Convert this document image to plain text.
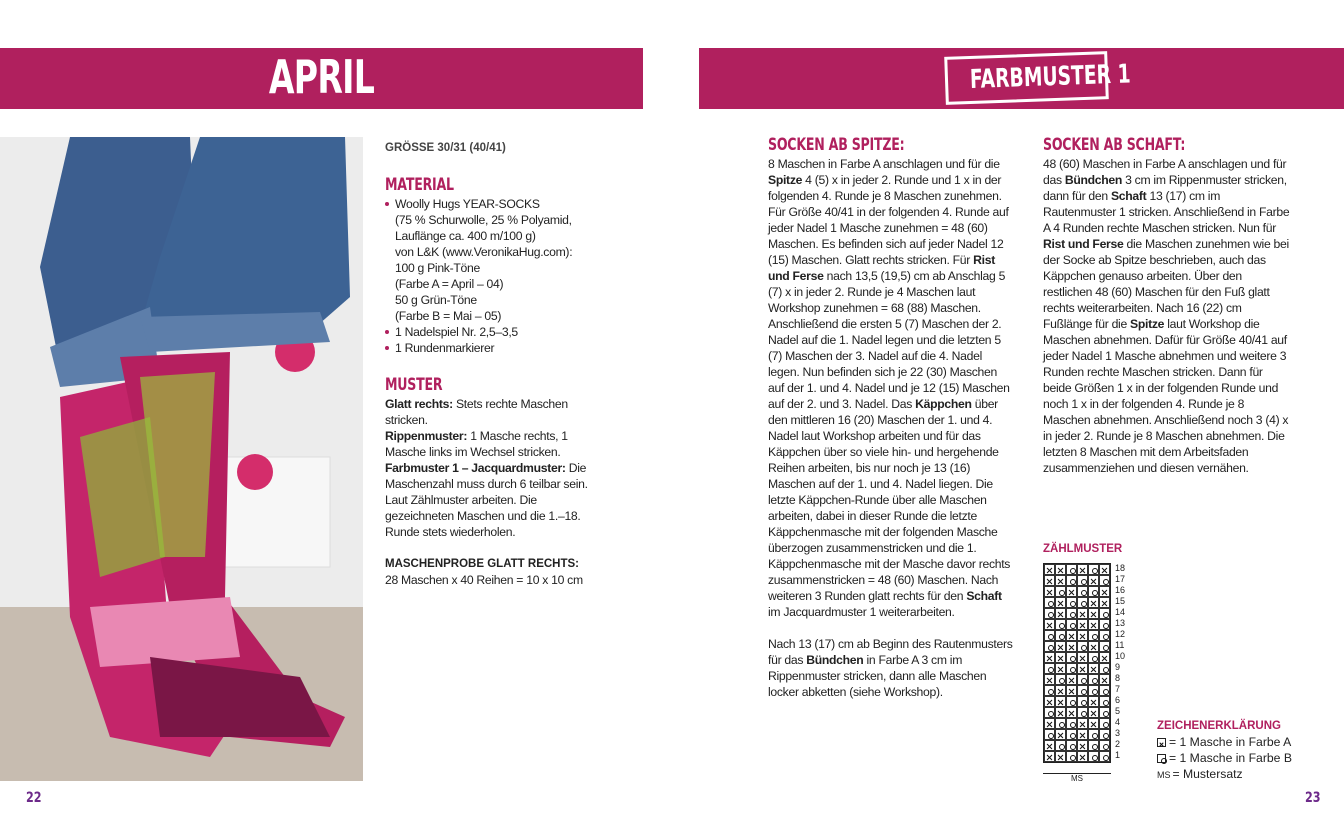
APRIL	FARBMUSTER 1

GRÖSSE 30/31 (40/41)

MATERIAL
Woolly Hugs YEAR-SOCKS
(75 % Schurwolle, 25 % Polyamid,
Lauflänge ca. 400 m/100 g)
von L&K (www.VeronikaHug.com):
100 g Pink-Töne
(Farbe A = April – 04)
50 g Grün-Töne
(Farbe B = Mai – 05)
1 Nadelspiel Nr. 2,5–3,5
1 Rundenmarkierer
MUSTER

Glatt rechts: Stets rechte Maschen stricken.

Rippenmuster: 1 Masche rechts, 1 Masche links im Wechsel stricken.

Farbmuster 1 – Jacquardmuster: Die Maschenzahl muss durch 6 teilbar sein. Laut Zählmuster arbeiten. Die gezeichneten Maschen und die 1.–18. Runde stets wiederholen.

MASCHENPROBE GLATT RECHTS:

28 Maschen x 40 Reihen = 10 x 10 cm

22
SOCKEN AB SPITZE:

8 Maschen in Farbe A anschlagen und für die Spitze 4 (5) x in jeder 2. Runde und 1 x in der folgenden 4. Runde je 8 Maschen zunehmen. Für Größe 40/41 in der folgenden 4. Runde auf jeder Nadel 1 Masche zunehmen = 48 (60) Maschen. Es befinden sich auf jeder Nadel 12 (15) Maschen. Glatt rechts stricken. Für Rist und Ferse nach 13,5 (19,5) cm ab Anschlag 5 (7) x in jeder 2. Runde je 4 Maschen laut Workshop zunehmen = 68 (88) Maschen. Anschließend die ersten 5 (7) Maschen der 2. Nadel auf die 1. Nadel legen und die letzten 5 (7) Maschen der 3. Nadel auf die 4. Nadel legen. Nun befinden sich je 22 (30) Maschen auf der 1. und 4. Nadel und je 12 (15) Maschen auf der 2. und 3. Nadel. Das Käppchen über den mittleren 16 (20) Maschen der 1. und 4. Nadel laut Workshop arbeiten und für das Käppchen über so viele hin- und hergehende Reihen arbeiten, bis nur noch je 13 (16) Maschen auf der 1. und 4. Nadel liegen. Die letzte Käppchen-Runde über alle Maschen arbeiten, dabei in dieser Runde die letzte Käppchenmasche mit der folgenden Masche überzogen zusammenstricken und die 1. Käppchenmasche mit der Masche davor rechts zusammenstricken = 48 (60) Maschen. Nach weiteren 3 Runden glatt rechts für den Schaft im Jacquardmuster 1 weiterarbeiten.

Nach 13 (17) cm ab Beginn des Rautenmusters für das Bündchen in Farbe A 3 cm im Rippenmuster stricken, dann alle Maschen locker abketten (siehe Workshop).

SOCKEN AB SCHAFT:

48 (60) Maschen in Farbe A anschlagen und für das Bündchen 3 cm im Rippenmuster stricken, dann für den Schaft 13 (17) cm im Rautenmuster 1 stricken. Anschließend in Farbe A 4 Runden rechte Maschen stricken. Nun für Rist und Ferse die Maschen zunehmen wie bei der Socke ab Spitze beschrieben, auch das Käppchen genauso arbeiten. Über den restlichen 48 (60) Maschen für den Fuß glatt rechts weiterarbeiten. Nach 16 (22) cm Fußlänge für die Spitze laut Workshop die Maschen abnehmen. Dafür für Größe 40/41 auf jeder Nadel 1 Masche abnehmen und weitere 3 Runden rechte Maschen stricken. Dann für beide Größen 1 x in der folgenden Runde und noch 1 x in der folgenden 4. Runde je 8 Maschen abnehmen. Anschließend noch 3 (4) x in jeder 2. Runde je 8 Maschen abnehmen. Die letzten 8 Maschen mit dem Arbeitsfaden zusammenziehen und diesen vernähen.

ZÄHLMUSTER
18
17
16
15
14
13
12
11
10
9
8
7
6
5
4
3
2
1
MS
ZEICHENERKLÄRUNG
= 1 Masche in Farbe A
= 1 Masche in Farbe B
MS = Mustersatz
23
